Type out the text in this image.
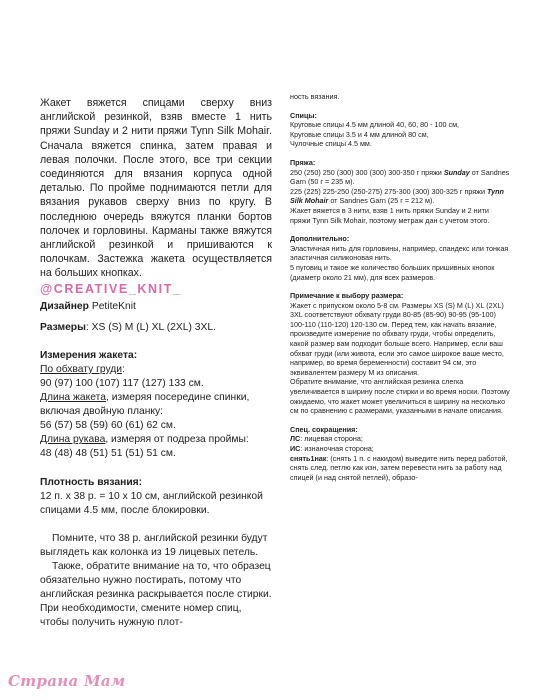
Жакет вяжется спицами сверху вниз английской резинкой, взяв вместе 1 нить пряжи Sunday и 2 нити пряжи Tynn Silk Mohair. Сначала вяжется спинка, затем правая и левая полочки. После этого, все три секции соединяются для вязания корпуса одной деталью. По пройме поднимаются петли для вязания рукавов сверху вниз по кругу. В последнюю очередь вяжутся планки бортов полочек и горловины. Карманы также вяжутся английской резинкой и пришиваются к полочкам. Застежка жакета осуществляется на больших кнопках.

@CREATIVE_KNIT_

Дизайнер PetiteKnit

Размеры: XS (S) M (L) XL (2XL) 3XL.

Измерения жакета:

По обхвату груди:

90 (97) 100 (107) 117 (127) 133 см.

Длина жакета, измеряя посередине спинки, включая двойную планку:

56 (57) 58 (59) 60 (61) 62 см.

Длина рукава, измеряя от подреза проймы:

48 (48) 48 (51) 51 (51) 51 см.

Плотность вязания:

12 п. х 38 р. = 10 х 10 см, английской резинкой спицами 4.5 мм, после блокировки.

Помните, что 38 р. английской резинки будут выглядеть как колонка из 19 лицевых петель.

Также, обратите внимание на то, что образец обязательно нужно постирать, потому что английская резинка раскрывается после стирки. При необходимости, смените номер спиц, чтобы получить нужную плот-

ность вязания.

Спицы:

Круговые спицы 4.5 мм длиной 40, 60, 80 - 100 см,
Круговые спицы 3.5 и 4 мм длиной 80 см,
Чулочные спицы 4.5 мм.

Пряжа:

250 (250) 250 (300) 300 (300) 300-350 г пряжи Sunday от Sandnes Garn (50 г = 235 м).

225 (225) 225-250 (250-275) 275-300 (300) 300-325 г пряжи Tynn Silk Mohair от Sandnes Garn (25 г = 212 м).

Жакет вяжется в 3 нити, взяв 1 нить пряжи Sunday и 2 нити пряжи Tynn Silk Mohair, поэтому метраж дан с учетом этого.

Дополнительно:

Эластичная нить для горловины, например, спандекс или тонкая эластичная силиконовая нить.
5 пуговиц и такое же количество больших пришивных кнопок (диаметр около 21 мм), для всех размеров.

Примечание к выбору размера:

Жакет с припуском около 5-8 см. Размеры XS (S) M (L) XL (2XL) 3XL соответствуют обхвату груди 80-85 (85-90) 90-95 (95-100) 100-110 (110-120) 120-130 см. Перед тем, как начать вязание, произведите измерение по обхвату груди, чтобы определить, какой размер вам подходит больше всего. Например, если ваш обхват груди (или живота, если это самое широкое ваше место, например, во время беременности) составит 94 см, это эквивалентем размеру М из описания.
Обратите внимание, что английская резинка слегка увеличивается в ширину после стирки и во время носки. Поэтому ожидаемо, что жакет может увеличиться в ширину на несколько см по сравнению с размерами, указанными в начале описания.

Спец. сокращения:

ЛС: лицевая сторона;

ИС: изнаночная сторона;

снять1нак: (снять 1 п. с накидом) выведите нить перед работой, снять след. петлю как изн, затем перевести нить за работу над спицей (и над снятой петлей), образо-

Страна Мам
